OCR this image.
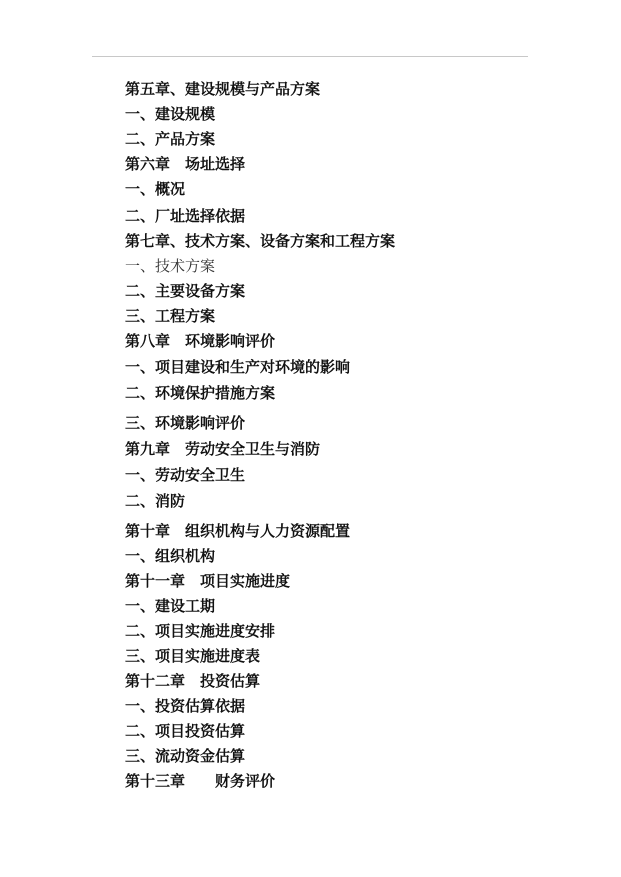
第五章、建设规模与产品方案
一、建设规模
二、产品方案
第六章　场址选择
一、概况
二、厂址选择依据
第七章、技术方案、设备方案和工程方案
一、技术方案
二、主要设备方案
三、工程方案
第八章　环境影响评价
一、项目建设和生产对环境的影响
二、环境保护措施方案
三、环境影响评价
第九章　劳动安全卫生与消防
一、劳动安全卫生
二、消防
第十章　组织机构与人力资源配置
一、组织机构
第十一章　项目实施进度
一、建设工期
二、项目实施进度安排
三、项目实施进度表
第十二章　投资估算
一、投资估算依据
二、项目投资估算
三、流动资金估算
第十三章　　财务评价
